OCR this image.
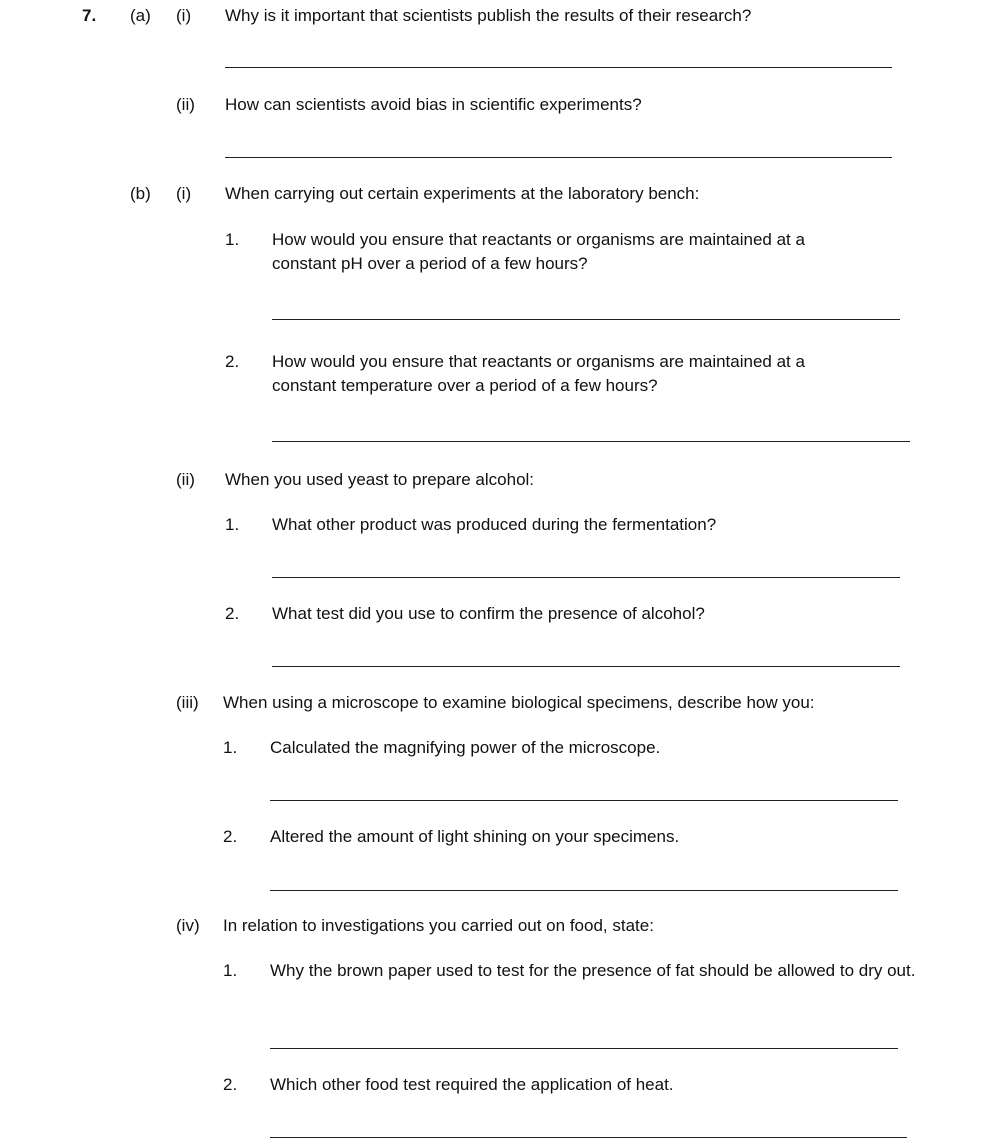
7. (a) (i) Why is it important that scientists publish the results of their research?
(ii) How can scientists avoid bias in scientific experiments?
(b) (i) When carrying out certain experiments at the laboratory bench:
1. How would you ensure that reactants or organisms are maintained at a constant pH over a period of a few hours?
2. How would you ensure that reactants or organisms are maintained at a constant temperature over a period of a few hours?
(ii) When you used yeast to prepare alcohol:
1. What other product was produced during the fermentation?
2. What test did you use to confirm the presence of alcohol?
(iii) When using a microscope to examine biological specimens, describe how you:
1. Calculated the magnifying power of the microscope.
2. Altered the amount of light shining on your specimens.
(iv) In relation to investigations you carried out on food, state:
1. Why the brown paper used to test for the presence of fat should be allowed to dry out.
2. Which other food test required the application of heat.
